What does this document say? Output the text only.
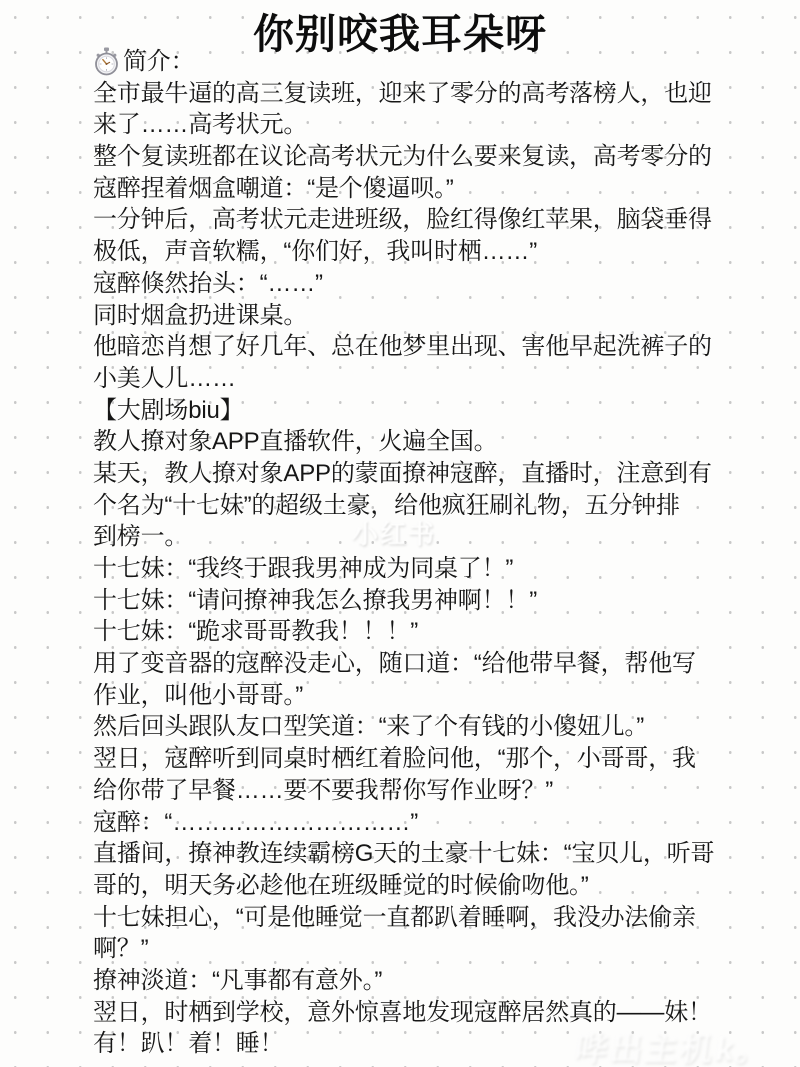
你别咬我耳朵呀
简介：
全市最牛逼的高三复读班，迎来了零分的高考落榜人，也迎
来了……高考状元。
整个复读班都在议论高考状元为什么要来复读，高考零分的
寇醉捏着烟盒嘲道：“是个傻逼呗。”
一分钟后，高考状元走进班级，脸红得像红苹果，脑袋垂得
极低，声音软糯，“你们好，我叫时栖……”
寇醉倏然抬头：“……”
同时烟盒扔进课桌。
他暗恋肖想了好几年、总在他梦里出现、害他早起洗裤子的
小美人儿……
【大剧场biu】
教人撩对象APP直播软件，火遍全国。
某天，教人撩对象APP的蒙面撩神寇醉，直播时，注意到有
个名为“十七妹”的超级土豪，给他疯狂刷礼物，五分钟排
到榜一。
十七妹：“我终于跟我男神成为同桌了！”
十七妹：“请问撩神我怎么撩我男神啊！！”
十七妹：“跪求哥哥教我！！！”
用了变音器的寇醉没走心，随口道：“给他带早餐，帮他写
作业，叫他小哥哥。”
然后回头跟队友口型笑道：“来了个有钱的小傻妞儿。”
翌日，寇醉听到同桌时栖红着脸问他，“那个，小哥哥，我
给你带了早餐……要不要我帮你写作业呀？”
寇醉：“…………………………”
直播间，撩神教连续霸榜G天的土豪十七妹：“宝贝儿，听哥
哥的，明天务必趁他在班级睡觉的时候偷吻他。”
十七妹担心，“可是他睡觉一直都趴着睡啊，我没办法偷亲
啊？”
撩神淡道：“凡事都有意外。”
翌日，时栖到学校，意外惊喜地发现寇醉居然真的——妹！
有！趴！着！睡！
小红书
哔出主机k。
